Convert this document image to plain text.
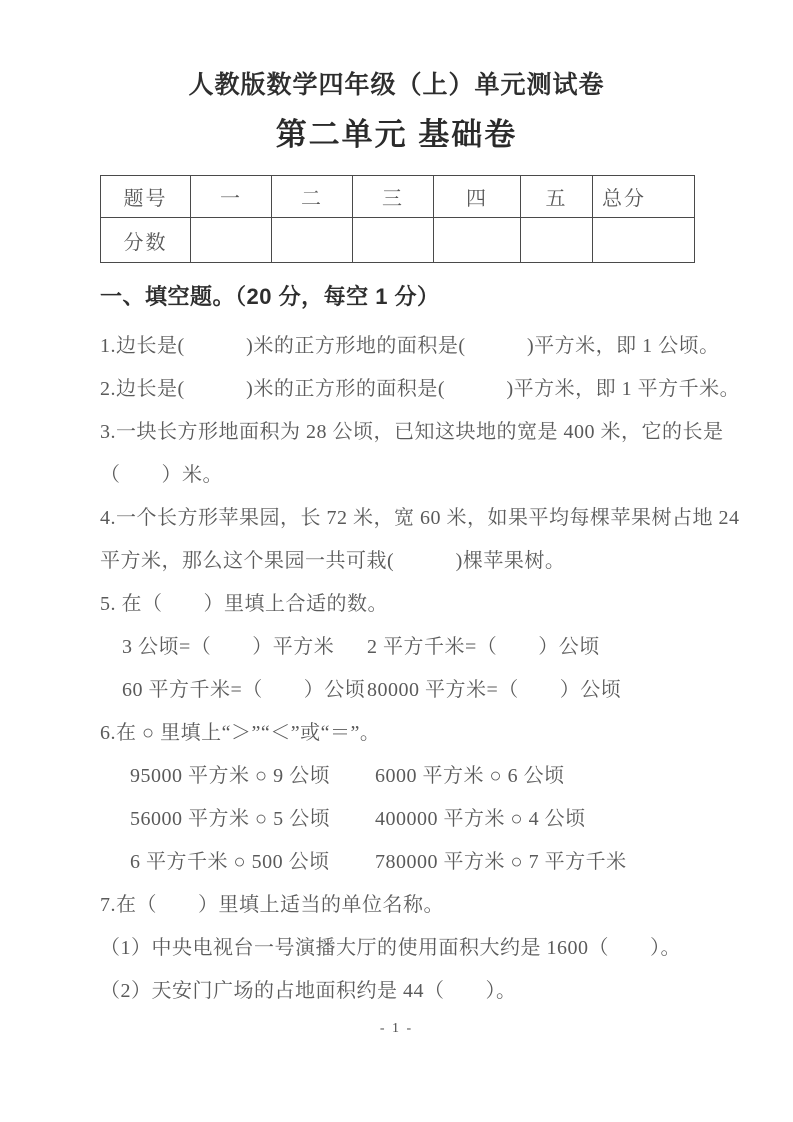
人教版数学四年级（上）单元测试卷
第二单元 基础卷
题号	一	二	三	四	五	总分
分数						
一、填空题。（20 分，每空 1 分）
1.边长是(　　　)米的正方形地的面积是(　　　)平方米，即 1 公顷。
2.边长是(　　　)米的正方形的面积是(　　　)平方米，即 1 平方千米。
3.一块长方形地面积为 28 公顷，已知这块地的宽是 400 米，它的长是
（　　）米。
4.一个长方形苹果园，长 72 米，宽 60 米，如果平均每棵苹果树占地 24
平方米，那么这个果园一共可栽(　　　)棵苹果树。
5. 在（　　）里填上合适的数。
3 公顷=（　　）平方米	2 平方千米=（　　）公顷
60 平方千米=（　　）公顷 80000 平方米=（　　）公顷
6.在 ○ 里填上“＞”“＜”或“＝”。
95000 平方米 ○ 9 公顷	6000 平方米 ○ 6 公顷
56000 平方米 ○ 5 公顷	400000 平方米 ○ 4 公顷
6 平方千米 ○ 500 公顷	780000 平方米 ○ 7 平方千米
7.在（　　）里填上适当的单位名称。
（1）中央电视台一号演播大厅的使用面积大约是 1600（　　）。
（2）天安门广场的占地面积约是 44（　　）。
- 1 -
